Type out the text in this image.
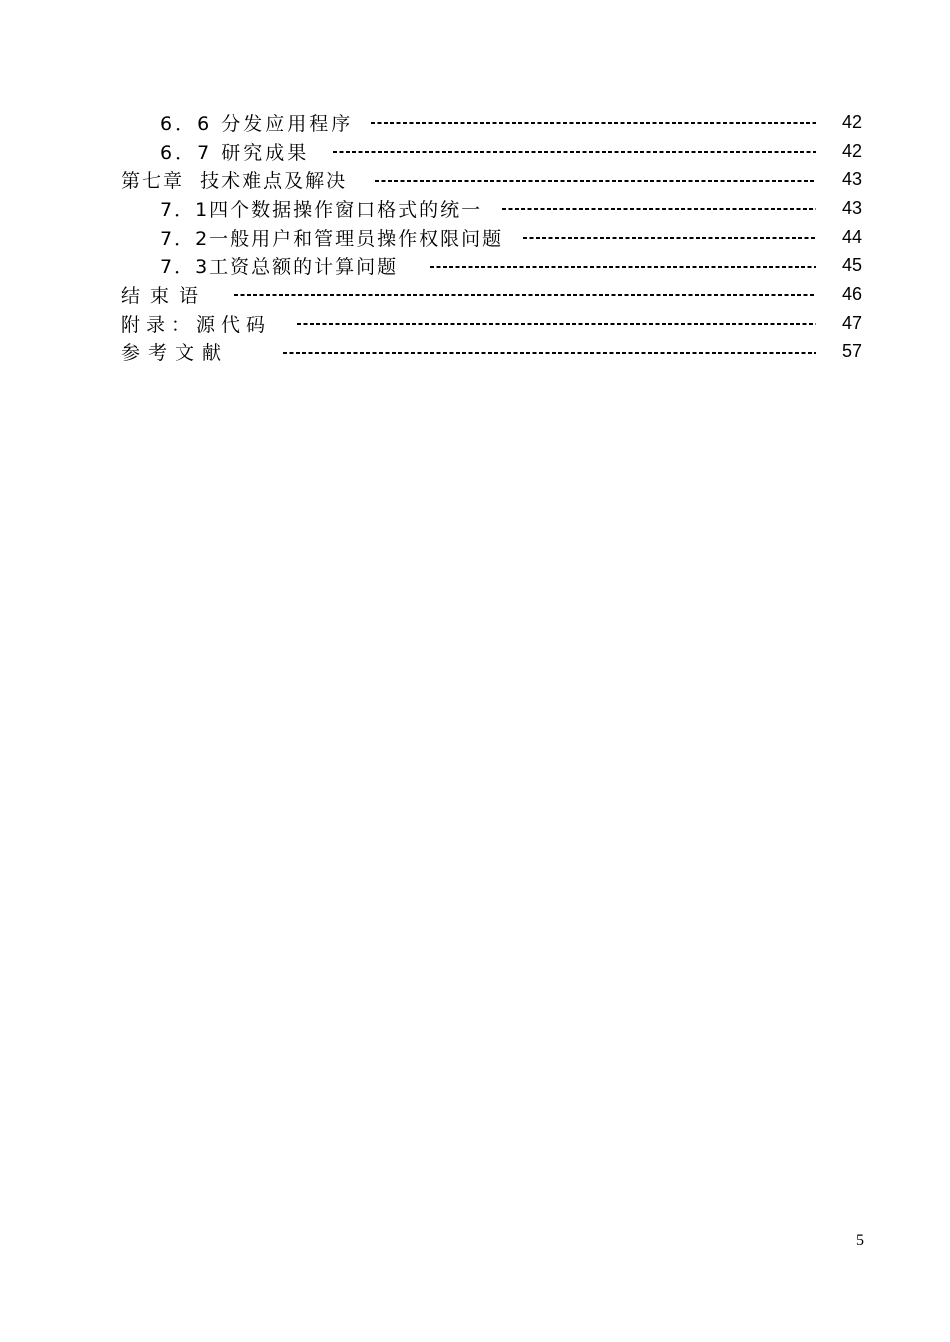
6．6 分发应用程序	42
6．7 研究成果	42
第七章  技术难点及解决	43
7．1四个数据操作窗口格式的统一	43
7．2一般用户和管理员操作权限问题	44
7．3工资总额的计算问题	45
结束语	46
附录：源代码	47
参考文献	57
5
